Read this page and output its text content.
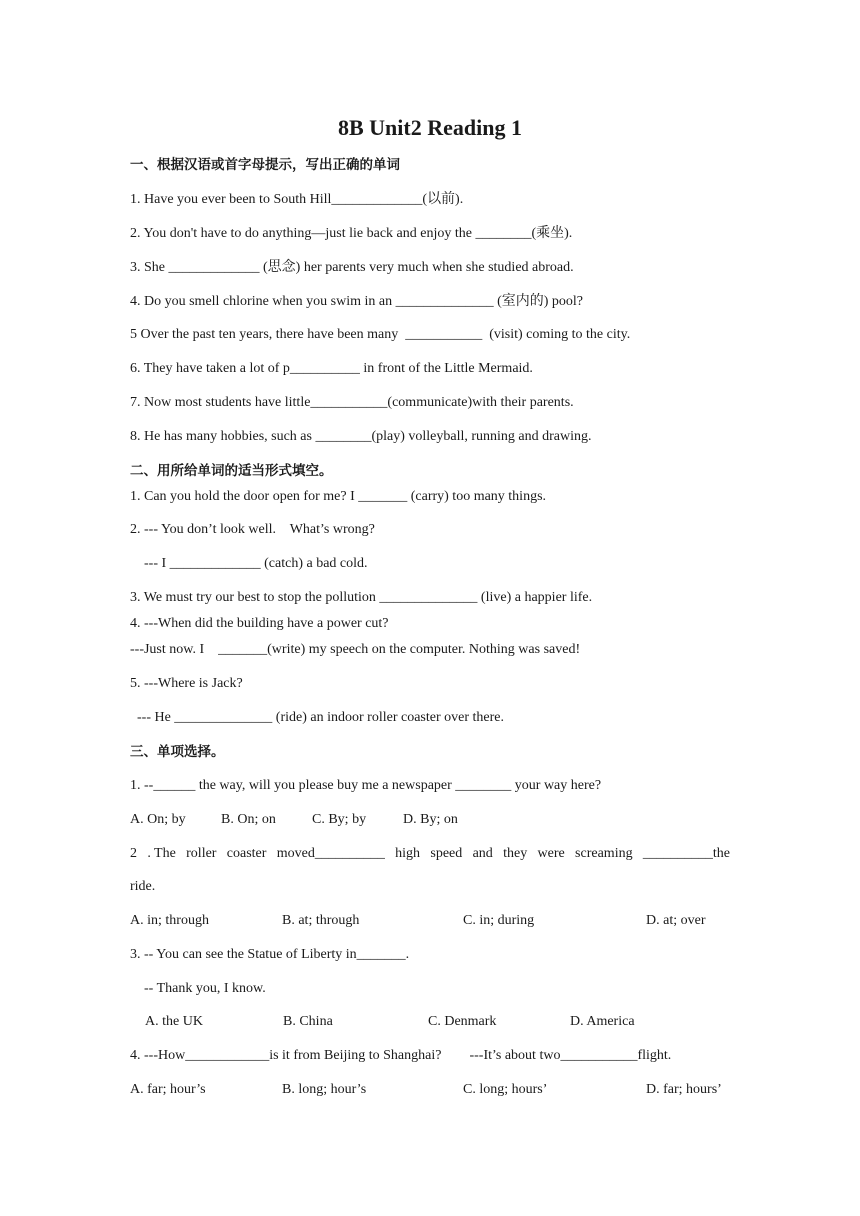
8B Unit2 Reading 1
一、根据汉语或首字母提示，写出正确的单词
1. Have you ever been to South Hill_____________(以前).
2. You don't have to do anything—just lie back and enjoy the ________(乘坐).
3. She _____________ (思念) her parents very much when she studied abroad.
4. Do you smell chlorine when you swim in an ______________ (室内的) pool?
5 Over the past ten years, there have been many  ___________  (visit) coming to the city.
6. They have taken a lot of p__________ in front of the Little Mermaid.
7. Now most students have little___________(communicate)with their parents.
8. He has many hobbies, such as ________(play) volleyball, running and drawing.
二、用所给单词的适当形式填空。
1. Can you hold the door open for me? I _______ (carry) too many things.
2. --- You don’t look well.    What’s wrong?
--- I _____________ (catch) a bad cold.
3. We must try our best to stop the pollution ______________ (live) a happier life.
4. ---When did the building have a power cut?
---Just now. I    _______(write) my speech on the computer. Nothing was saved!
5. ---Where is Jack?
--- He ______________ (ride) an indoor roller coaster over there.
三、单项选择。
1. --______ the way, will you please buy me a newspaper ________ your way here?
A. On; by	B. On; on	C. By; by	D. By; on
2 . The roller coaster moved__________ high speed and they were screaming __________the
ride.
A. in; through	B. at; through	C. in; during	D. at; over
3. -- You can see the Statue of Liberty in_______.
-- Thank you, I know.
A. the UK	B. China	C. Denmark	D. America
4. ---How____________is it from Beijing to Shanghai?        ---It’s about two___________flight.
A. far; hour’s	B. long; hour’s	C. long; hours’	D. far; hours’
